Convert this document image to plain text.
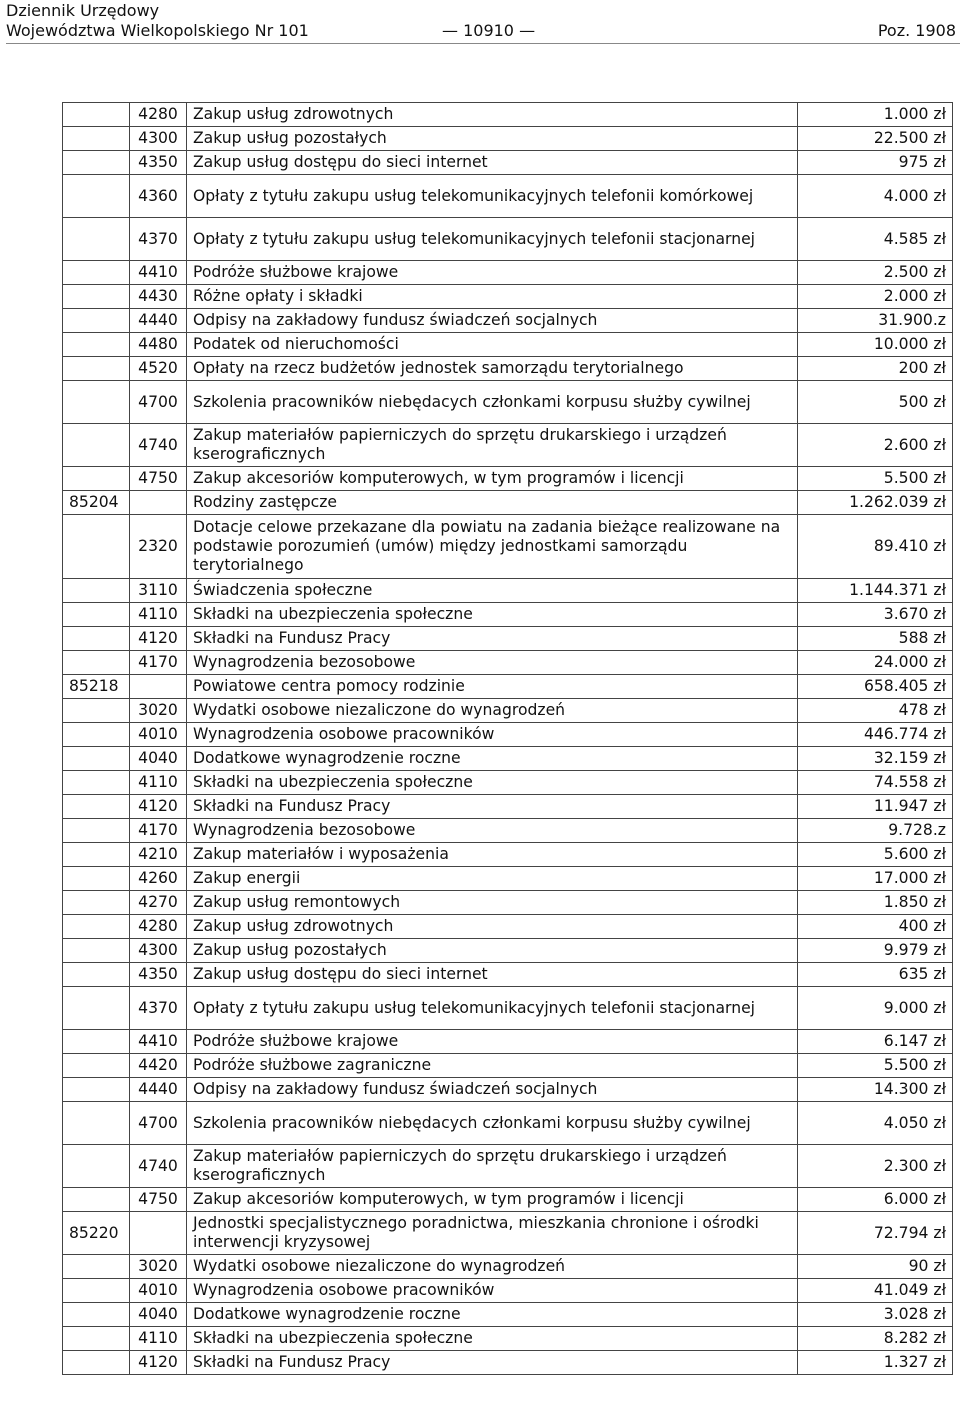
Dziennik Urzędowy
Województwa Wielkopolskiego Nr 101	— 10910 —	Poz. 1908
	4280	Zakup usług zdrowotnych	1.000 zł
	4300	Zakup usług pozostałych	22.500 zł
	4350	Zakup usług dostępu do sieci internet	975 zł
	4360	Opłaty z tytułu zakupu usług telekomunikacyjnych telefonii komórkowej	4.000 zł
	4370	Opłaty z tytułu zakupu usług telekomunikacyjnych telefonii stacjonarnej	4.585 zł
	4410	Podróże służbowe krajowe	2.500 zł
	4430	Różne opłaty i składki	2.000 zł
	4440	Odpisy na zakładowy fundusz świadczeń socjalnych	31.900.z
	4480	Podatek od nieruchomości	10.000 zł
	4520	Opłaty na rzecz budżetów jednostek samorządu terytorialnego	200 zł
	4700	Szkolenia pracowników niebędacych członkami korpusu służby cywilnej	500 zł
	4740	Zakup materiałów papierniczych do sprzętu drukarskiego i urządzeń kserograficznych	2.600 zł
	4750	Zakup akcesoriów komputerowych, w tym programów i licencji	5.500 zł
85204		Rodziny zastępcze	1.262.039 zł
	2320	Dotacje celowe przekazane dla powiatu na zadania bieżące realizowane na podstawie porozumień (umów) między jednostkami samorządu terytorialnego	89.410 zł
	3110	Świadczenia społeczne	1.144.371 zł
	4110	Składki na ubezpieczenia społeczne	3.670 zł
	4120	Składki na Fundusz Pracy	588 zł
	4170	Wynagrodzenia bezosobowe	24.000 zł
85218		Powiatowe centra pomocy rodzinie	658.405 zł
	3020	Wydatki osobowe niezaliczone do wynagrodzeń	478 zł
	4010	Wynagrodzenia osobowe pracowników	446.774 zł
	4040	Dodatkowe wynagrodzenie roczne	32.159 zł
	4110	Składki na ubezpieczenia społeczne	74.558 zł
	4120	Składki na Fundusz Pracy	11.947 zł
	4170	Wynagrodzenia bezosobowe	9.728.z
	4210	Zakup materiałów i wyposażenia	5.600 zł
	4260	Zakup energii	17.000 zł
	4270	Zakup usług remontowych	1.850 zł
	4280	Zakup usług zdrowotnych	400 zł
	4300	Zakup usług pozostałych	9.979 zł
	4350	Zakup usług dostępu do sieci internet	635 zł
	4370	Opłaty z tytułu zakupu usług telekomunikacyjnych telefonii stacjonarnej	9.000 zł
	4410	Podróże służbowe krajowe	6.147 zł
	4420	Podróże służbowe zagraniczne	5.500 zł
	4440	Odpisy na zakładowy fundusz świadczeń socjalnych	14.300 zł
	4700	Szkolenia pracowników niebędacych członkami korpusu służby cywilnej	4.050 zł
	4740	Zakup materiałów papierniczych do sprzętu drukarskiego i urządzeń kserograficznych	2.300 zł
	4750	Zakup akcesoriów komputerowych, w tym programów i licencji	6.000 zł
85220		Jednostki specjalistycznego poradnictwa, mieszkania chronione i ośrodki interwencji kryzysowej	72.794 zł
	3020	Wydatki osobowe niezaliczone do wynagrodzeń	90 zł
	4010	Wynagrodzenia osobowe pracowników	41.049 zł
	4040	Dodatkowe wynagrodzenie roczne	3.028 zł
	4110	Składki na ubezpieczenia społeczne	8.282 zł
	4120	Składki na Fundusz Pracy	1.327 zł
